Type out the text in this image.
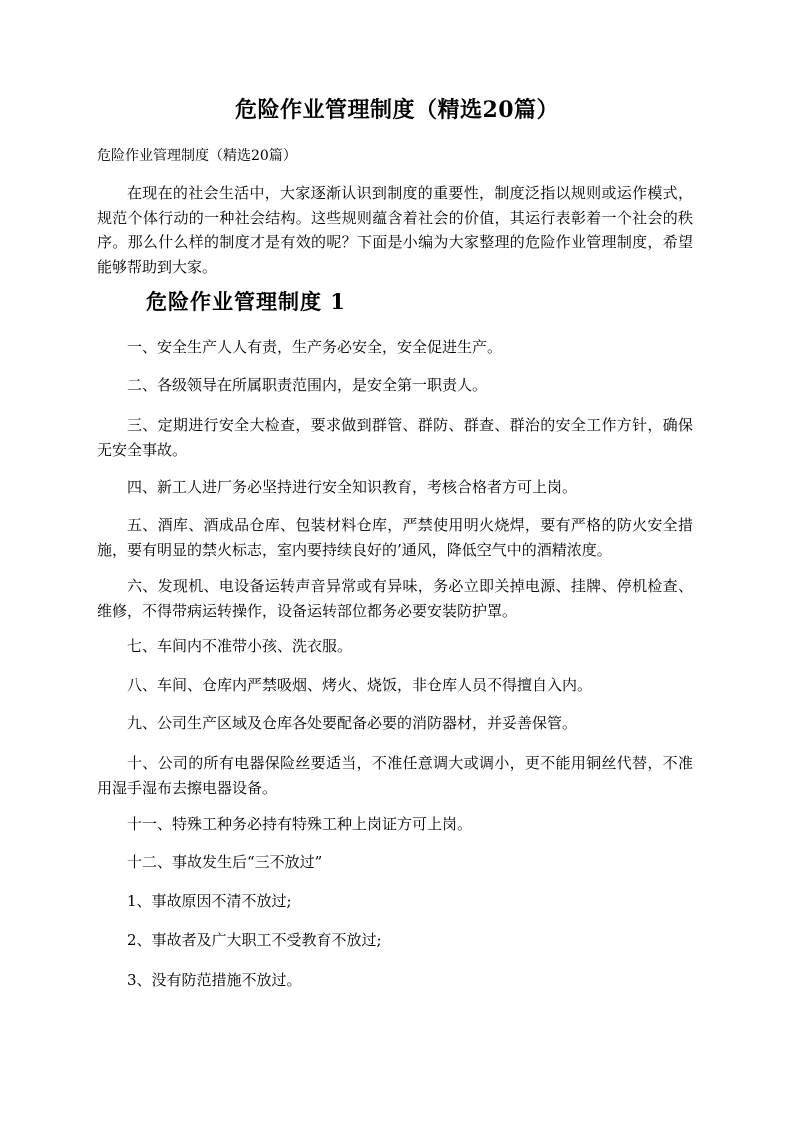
危险作业管理制度（精选20篇）
危险作业管理制度（精选20篇）
在现在的社会生活中，大家逐渐认识到制度的重要性，制度泛指以规则或运作模式，规范个体行动的一种社会结构。这些规则蕴含着社会的价值，其运行表彰着一个社会的秩序。那么什么样的制度才是有效的呢？下面是小编为大家整理的危险作业管理制度，希望能够帮助到大家。
危险作业管理制度 1
一、安全生产人人有责，生产务必安全，安全促进生产。
二、各级领导在所属职责范围内，是安全第一职责人。
三、定期进行安全大检查，要求做到群管、群防、群查、群治的安全工作方针，确保无安全事故。
四、新工人进厂务必坚持进行安全知识教育，考核合格者方可上岗。
五、酒库、酒成品仓库、包装材料仓库，严禁使用明火烧焊，要有严格的防火安全措施，要有明显的禁火标志，室内要持续良好的’通风，降低空气中的酒精浓度。
六、发现机、电设备运转声音异常或有异味，务必立即关掉电源、挂牌、停机检查、维修，不得带病运转操作，设备运转部位都务必要安装防护罩。
七、车间内不准带小孩、洗衣服。
八、车间、仓库内严禁吸烟、烤火、烧饭，非仓库人员不得擅自入内。
九、公司生产区域及仓库各处要配备必要的消防器材，并妥善保管。
十、公司的所有电器保险丝要适当，不准任意调大或调小，更不能用铜丝代替，不准用湿手湿布去擦电器设备。
十一、特殊工种务必持有特殊工种上岗证方可上岗。
十二、事故发生后“三不放过”
1、事故原因不清不放过;
2、事故者及广大职工不受教育不放过;
3、没有防范措施不放过。
